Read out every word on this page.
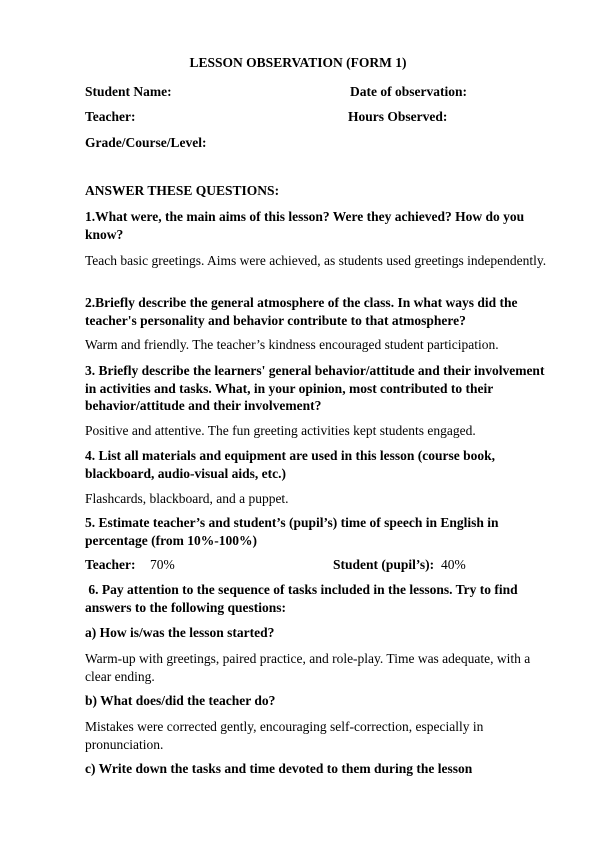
LESSON OBSERVATION (FORM 1)
Student Name:	Date of observation:
Teacher:	Hours Observed:
Grade/Course/Level:
ANSWER THESE QUESTIONS:
1.What were, the main aims of this lesson? Were they achieved? How do you know?
Teach basic greetings. Aims were achieved, as students used greetings independently.
2.Briefly describe the general atmosphere of the class. In what ways did the teacher's personality and behavior contribute to that atmosphere?
Warm and friendly. The teacher’s kindness encouraged student participation.
3. Briefly describe the learners' general behavior/attitude and their involvement in activities and tasks. What, in your opinion, most contributed to their behavior/attitude and their involvement?
Positive and attentive. The fun greeting activities kept students engaged.
4. List all materials and equipment are used in this lesson (course book, blackboard, audio-visual aids, etc.)
Flashcards, blackboard, and a puppet.
5. Estimate teacher’s and student’s (pupil’s) time of speech in English in percentage (from 10%-100%)
Teacher: 70%	Student (pupil’s): 40%
6. Pay attention to the sequence of tasks included in the lessons. Try to find answers to the following questions:
a) How is/was the lesson started?
Warm-up with greetings, paired practice, and role-play. Time was adequate, with a clear ending.
b) What does/did the teacher do?
Mistakes were corrected gently, encouraging self-correction, especially in pronunciation.
c) Write down the tasks and time devoted to them during the lesson
